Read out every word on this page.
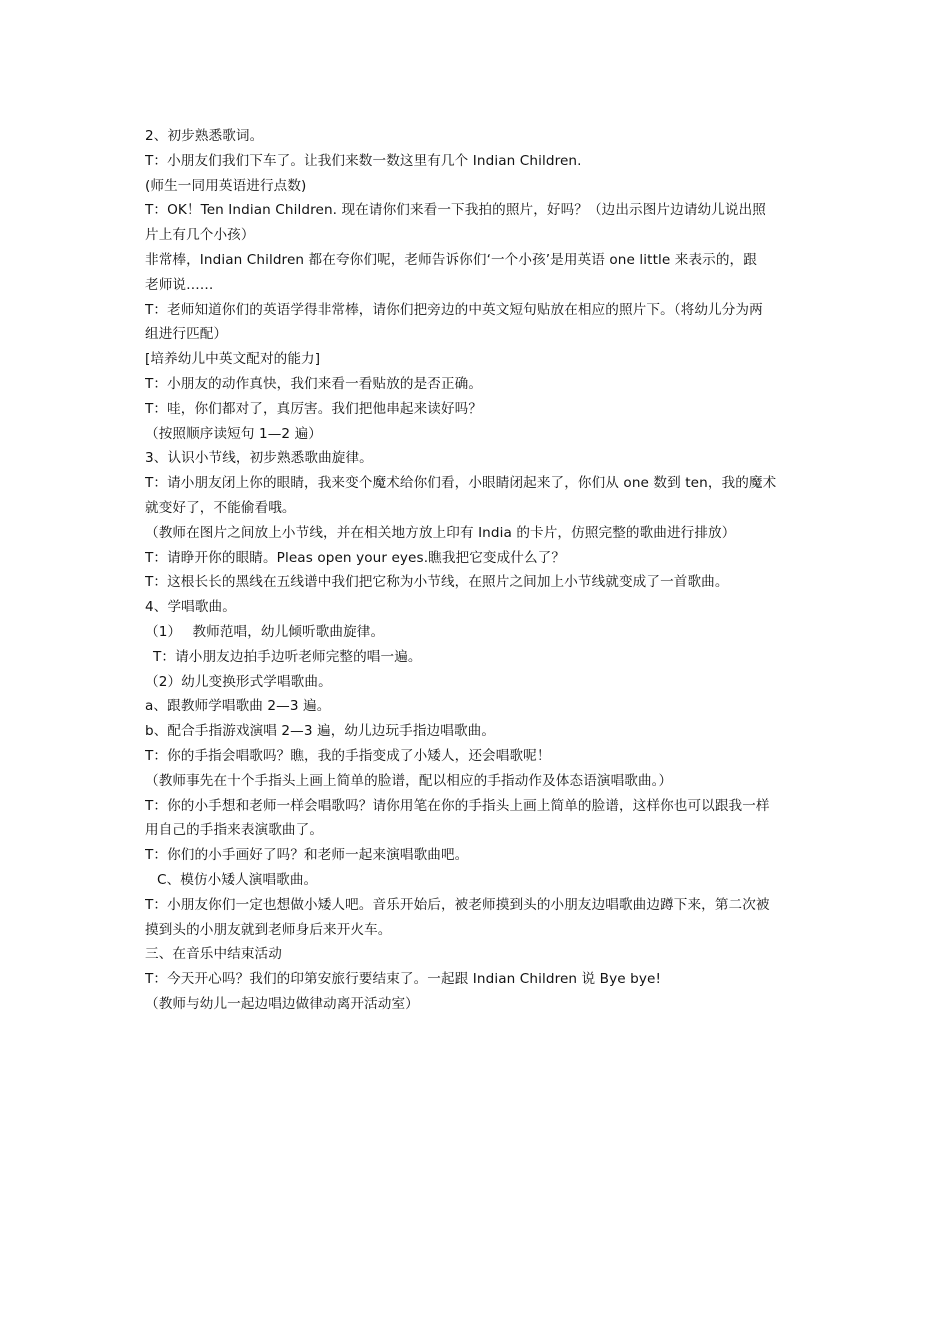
2、初步熟悉歌词。
T：小朋友们我们下车了。让我们来数一数这里有几个 Indian Children.
(师生一同用英语进行点数)
T：OK！Ten Indian Children. 现在请你们来看一下我拍的照片，好吗？（边出示图片边请幼儿说出照
片上有几个小孩）
非常棒，Indian Children 都在夸你们呢，老师告诉你们‘一个小孩’是用英语 one little 来表示的，跟
老师说……
T：老师知道你们的英语学得非常棒，请你们把旁边的中英文短句贴放在相应的照片下。（将幼儿分为两
组进行匹配）
[培养幼儿中英文配对的能力]
T：小朋友的动作真快，我们来看一看贴放的是否正确。
T：哇，你们都对了，真厉害。我们把他串起来读好吗？
（按照顺序读短句 1—2 遍）
3、认识小节线，初步熟悉歌曲旋律。
T：请小朋友闭上你的眼睛，我来变个魔术给你们看，小眼睛闭起来了，你们从 one 数到 ten，我的魔术
就变好了，不能偷看哦。
（教师在图片之间放上小节线，并在相关地方放上印有 India 的卡片，仿照完整的歌曲进行排放）
T：请睁开你的眼睛。Pleas open your eyes.瞧我把它变成什么了？
T：这根长长的黑线在五线谱中我们把它称为小节线，在照片之间加上小节线就变成了一首歌曲。
4、学唱歌曲。
（1）　 教师范唱，幼儿倾听歌曲旋律。
T：请小朋友边拍手边听老师完整的唱一遍。
（2）幼儿变换形式学唱歌曲。
a、跟教师学唱歌曲 2—3 遍。
b、配合手指游戏演唱 2—3 遍，幼儿边玩手指边唱歌曲。
T：你的手指会唱歌吗？瞧，我的手指变成了小矮人，还会唱歌呢！
（教师事先在十个手指头上画上简单的脸谱，配以相应的手指动作及体态语演唱歌曲。）
T：你的小手想和老师一样会唱歌吗？请你用笔在你的手指头上画上简单的脸谱，这样你也可以跟我一样
用自己的手指来表演歌曲了。
T：你们的小手画好了吗？和老师一起来演唱歌曲吧。
C、模仿小矮人演唱歌曲。
T：小朋友你们一定也想做小矮人吧。音乐开始后，被老师摸到头的小朋友边唱歌曲边蹲下来，第二次被
摸到头的小朋友就到老师身后来开火车。
三、在音乐中结束活动
T：今天开心吗？我们的印第安旅行要结束了。一起跟 Indian Children 说 Bye bye!
（教师与幼儿一起边唱边做律动离开活动室）
